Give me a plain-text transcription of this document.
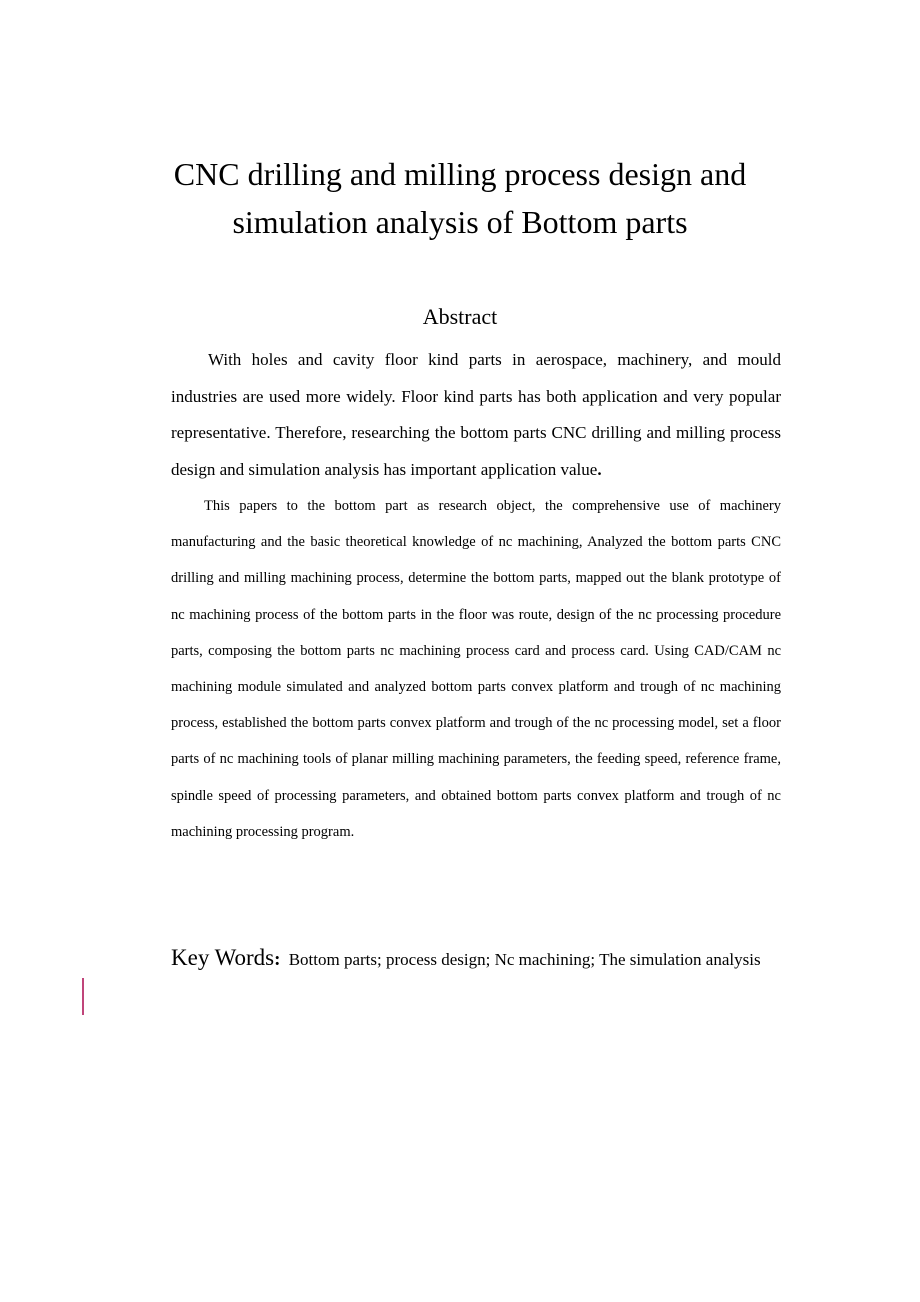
CNC drilling and milling process design and
simulation analysis of Bottom parts
Abstract

With holes and cavity floor kind parts in aerospace, machinery, and mould industries are used more widely. Floor kind parts has both application and very popular representative. Therefore, researching the bottom parts CNC drilling and milling process design and simulation analysis has important application value.

This papers to the bottom part as research object, the comprehensive use of machinery manufacturing and the basic theoretical knowledge of nc machining, Analyzed the bottom parts CNC drilling and milling machining process, determine the bottom parts, mapped out the blank prototype of nc machining process of the bottom parts in the floor was route, design of the nc processing procedure parts, composing the bottom parts nc machining process card and process card. Using CAD/CAM nc machining module simulated and analyzed bottom parts convex platform and trough of nc machining process, established the bottom parts convex platform and trough of the nc processing model, set a floor parts of nc machining tools of planar milling machining parameters, the feeding speed, reference frame, spindle speed of processing parameters, and obtained bottom parts convex platform and trough of nc machining processing program.

Key Words: Bottom parts; process design; Nc machining; The simulation analysis
